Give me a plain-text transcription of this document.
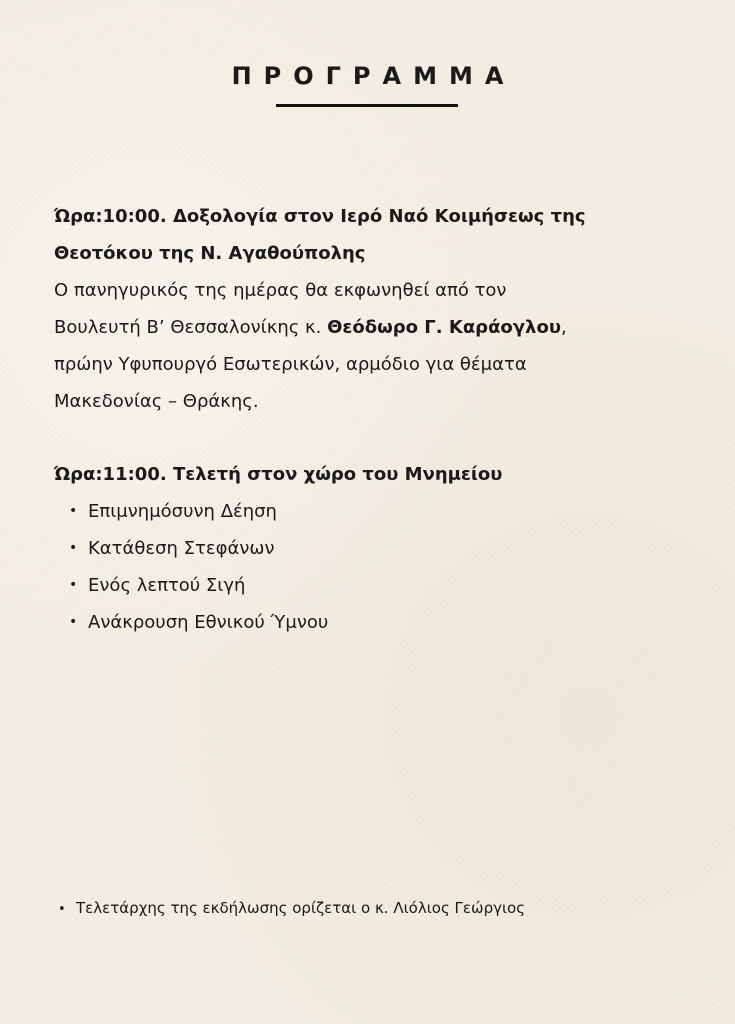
ΠΡΟΓΡΑΜΜΑ
Ώρα:10:00. Δοξολογία στον Ιερό Ναό Κοιμήσεως της
Θεοτόκου της Ν. Αγαθούπολης
Ο πανηγυρικός της ημέρας θα εκφωνηθεί από τον
Βουλευτή Β’ Θεσσαλονίκης κ. Θεόδωρο Γ. Καράογλου,
πρώην Υφυπουργό Εσωτερικών, αρμόδιο για θέματα
Μακεδονίας – Θράκης.
Ώρα:11:00. Τελετή στον χώρο του Μνημείου
• Επιμνημόσυνη Δέηση
• Κατάθεση Στεφάνων
• Ενός λεπτού Σιγή
• Ανάκρουση Εθνικού Ύμνου
• Τελετάρχης της εκδήλωσης ορίζεται ο κ. Λιόλιος Γεώργιος
